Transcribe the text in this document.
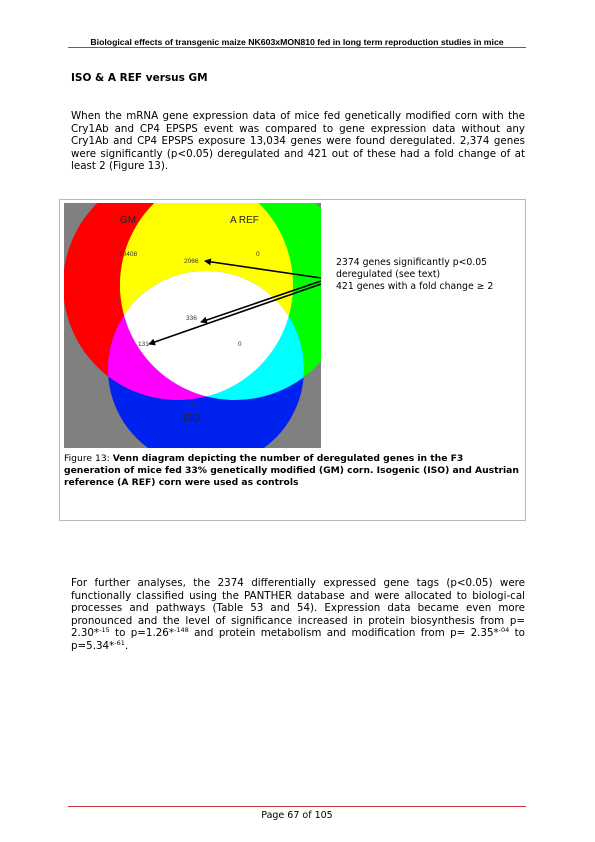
Biological effects of transgenic maize NK603xMON810 fed in long term reproduction studies in mice
ISO & A REF versus GM
When the mRNA gene expression data of mice fed genetically modified corn with the Cry1Ab and CP4 EPSPS event was compared to gene expression data without any Cry1Ab and CP4 EPSPS exposure 13,034 genes were found deregulated. 2,374 genes were significantly (p<0.05) deregulated and 421 out of these had a fold change of at least 2 (Figure 13).
GM	A REF
ISO
10408	0
2066
336
131	0
0
2374 genes significantly p<0.05
deregulated (see text)
421 genes with a fold change ≥ 2
Figure 13: Venn diagram depicting the number of deregulated genes in the F3 generation of mice fed 33% genetically modified (GM) corn. Isogenic (ISO) and Austrian reference (A REF) corn were used as controls
For further analyses, the 2374 differentially expressed gene tags (p<0.05) were functionally classified using the PANTHER database and were allocated to biologi-cal processes and pathways (Table 53 and 54). Expression data became even more pronounced and the level of significance increased in protein biosynthesis from p= 2.30*$^{-15}$ to p=1.26*$^{-148}$ and protein metabolism and modification from p= 2.35*$^{-04}$ to p=5.34*$^{-61}$.
Page 67 of 105
